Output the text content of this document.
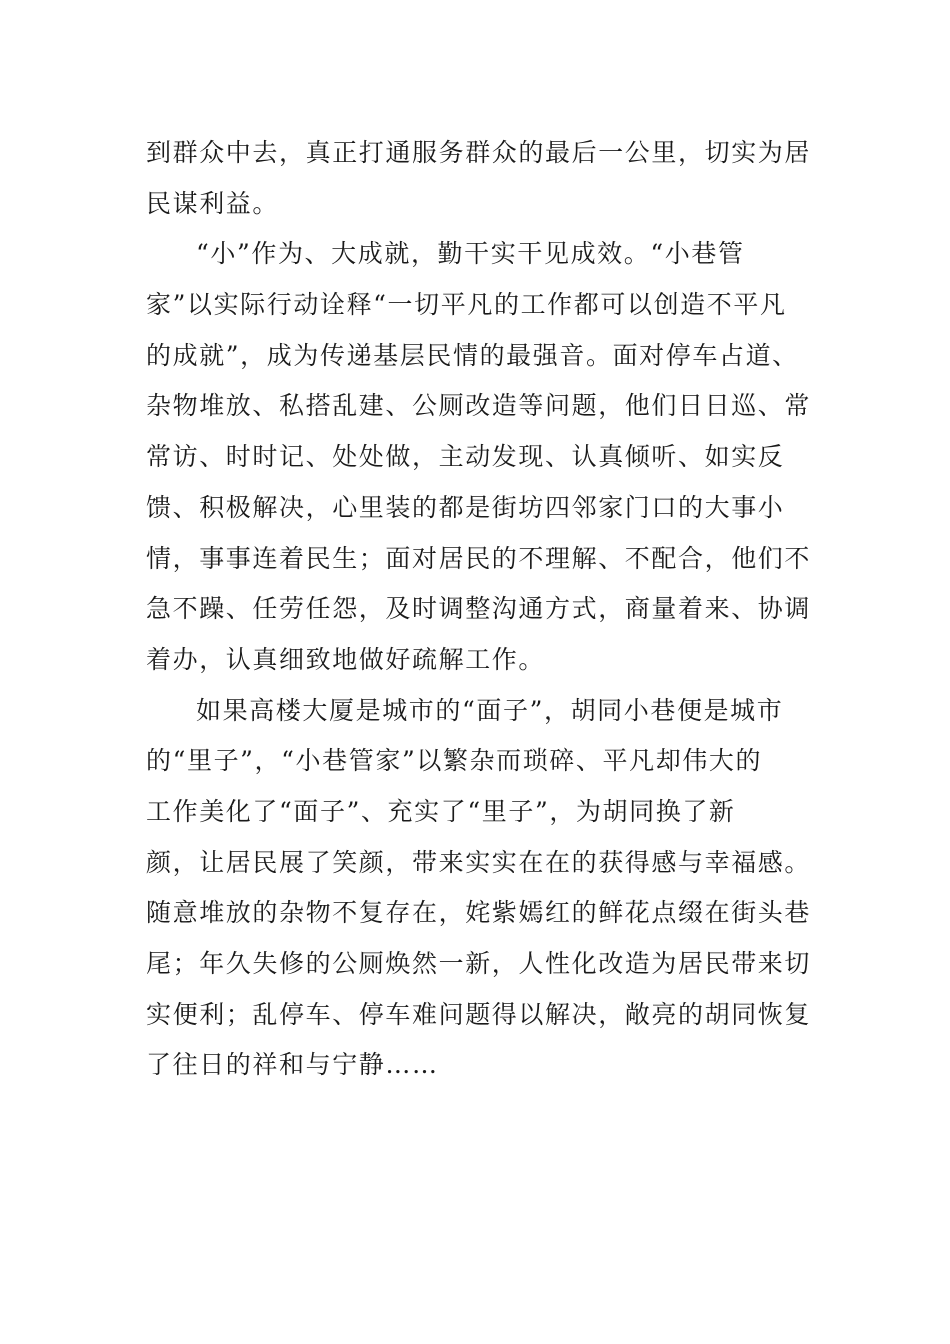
到群众中去，真正打通服务群众的最后一公里，切实为居
民谋利益。
“小”作为、大成就，勤干实干见成效。“小巷管
家”以实际行动诠释“一切平凡的工作都可以创造不平凡
的成就”，成为传递基层民情的最强音。面对停车占道、
杂物堆放、私搭乱建、公厕改造等问题，他们日日巡、常
常访、时时记、处处做，主动发现、认真倾听、如实反
馈、积极解决，心里装的都是街坊四邻家门口的大事小
情，事事连着民生；面对居民的不理解、不配合，他们不
急不躁、任劳任怨，及时调整沟通方式，商量着来、协调
着办，认真细致地做好疏解工作。
如果高楼大厦是城市的“面子”，胡同小巷便是城市
的“里子”，“小巷管家”以繁杂而琐碎、平凡却伟大的
工作美化了“面子”、充实了“里子”，为胡同换了新
颜，让居民展了笑颜，带来实实在在的获得感与幸福感。
随意堆放的杂物不复存在，姹紫嫣红的鲜花点缀在街头巷
尾；年久失修的公厕焕然一新，人性化改造为居民带来切
实便利；乱停车、停车难问题得以解决，敞亮的胡同恢复
了往日的祥和与宁静……
